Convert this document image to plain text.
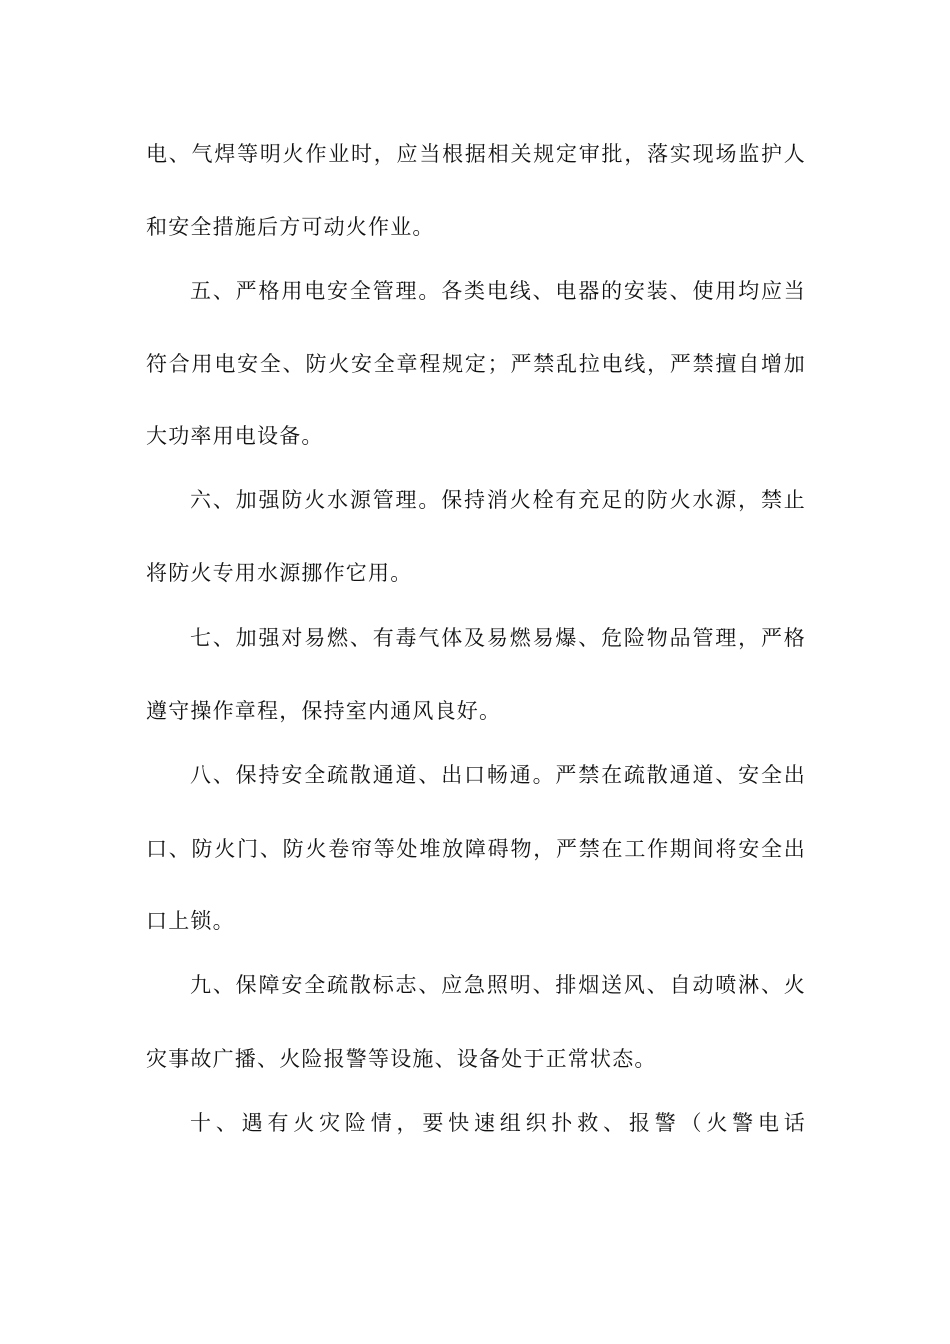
电、气焊等明火作业时，应当根据相关规定审批，落实现场监护人
和安全措施后方可动火作业。
五、严格用电安全管理。各类电线、电器的安装、使用均应当
符合用电安全、防火安全章程规定；严禁乱拉电线，严禁擅自增加
大功率用电设备。
六、加强防火水源管理。保持消火栓有充足的防火水源，禁止
将防火专用水源挪作它用。
七、加强对易燃、有毒气体及易燃易爆、危险物品管理，严格
遵守操作章程，保持室内通风良好。
八、保持安全疏散通道、出口畅通。严禁在疏散通道、安全出
口、防火门、防火卷帘等处堆放障碍物，严禁在工作期间将安全出
口上锁。
九、保障安全疏散标志、应急照明、排烟送风、自动喷淋、火
灾事故广播、火险报警等设施、设备处于正常状态。
十、遇有火灾险情，要快速组织扑救、报警（火警电话
